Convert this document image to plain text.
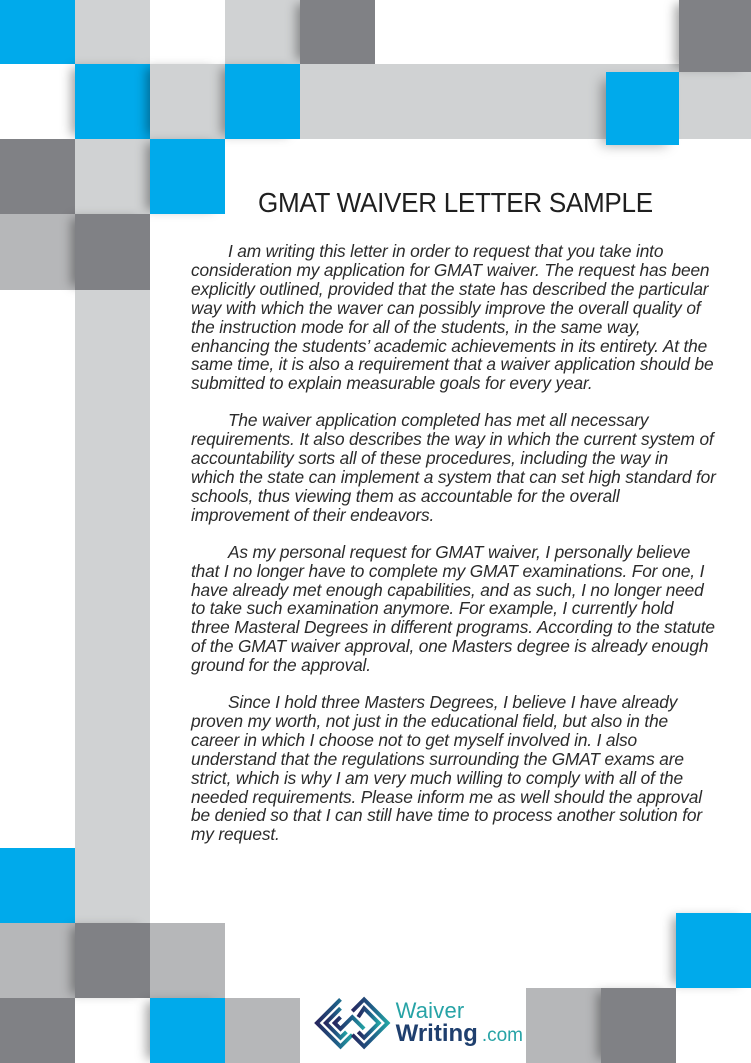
GMAT WAIVER LETTER SAMPLE

I am writing this letter in order to request that you take into consideration my application for GMAT waiver. The request has been explicitly outlined, provided that the state has described the particular way with which the waver can possibly improve the overall quality of the instruction mode for all of the students, in the same way, enhancing the students’ academic achievements in its entirety. At the same time, it is also a requirement that a waiver application should be submitted to explain measurable goals for every year.

The waiver application completed has met all necessary requirements. It also describes the way in which the current system of accountability sorts all of these procedures, including the way in which the state can implement a system that can set high standard for schools, thus viewing them as accountable for the overall improvement of their endeavors.

As my personal request for GMAT waiver, I personally believe that I no longer have to complete my GMAT examinations. For one, I have already met enough capabilities, and as such, I no longer need to take such examination anymore. For example, I currently hold three Masteral Degrees in different programs. According to the statute of the GMAT waiver approval, one Masters degree is already enough ground for the approval.

Since I hold three Masters Degrees, I believe I have already proven my worth, not just in the educational field, but also in the career in which I choose not to get myself involved in. I also understand that the regulations surrounding the GMAT exams are strict, which is why I am very much willing to comply with all of the needed requirements. Please inform me as well should the approval be denied so that I can still have time to process another solution for my request.

Waiver
Writing .com
